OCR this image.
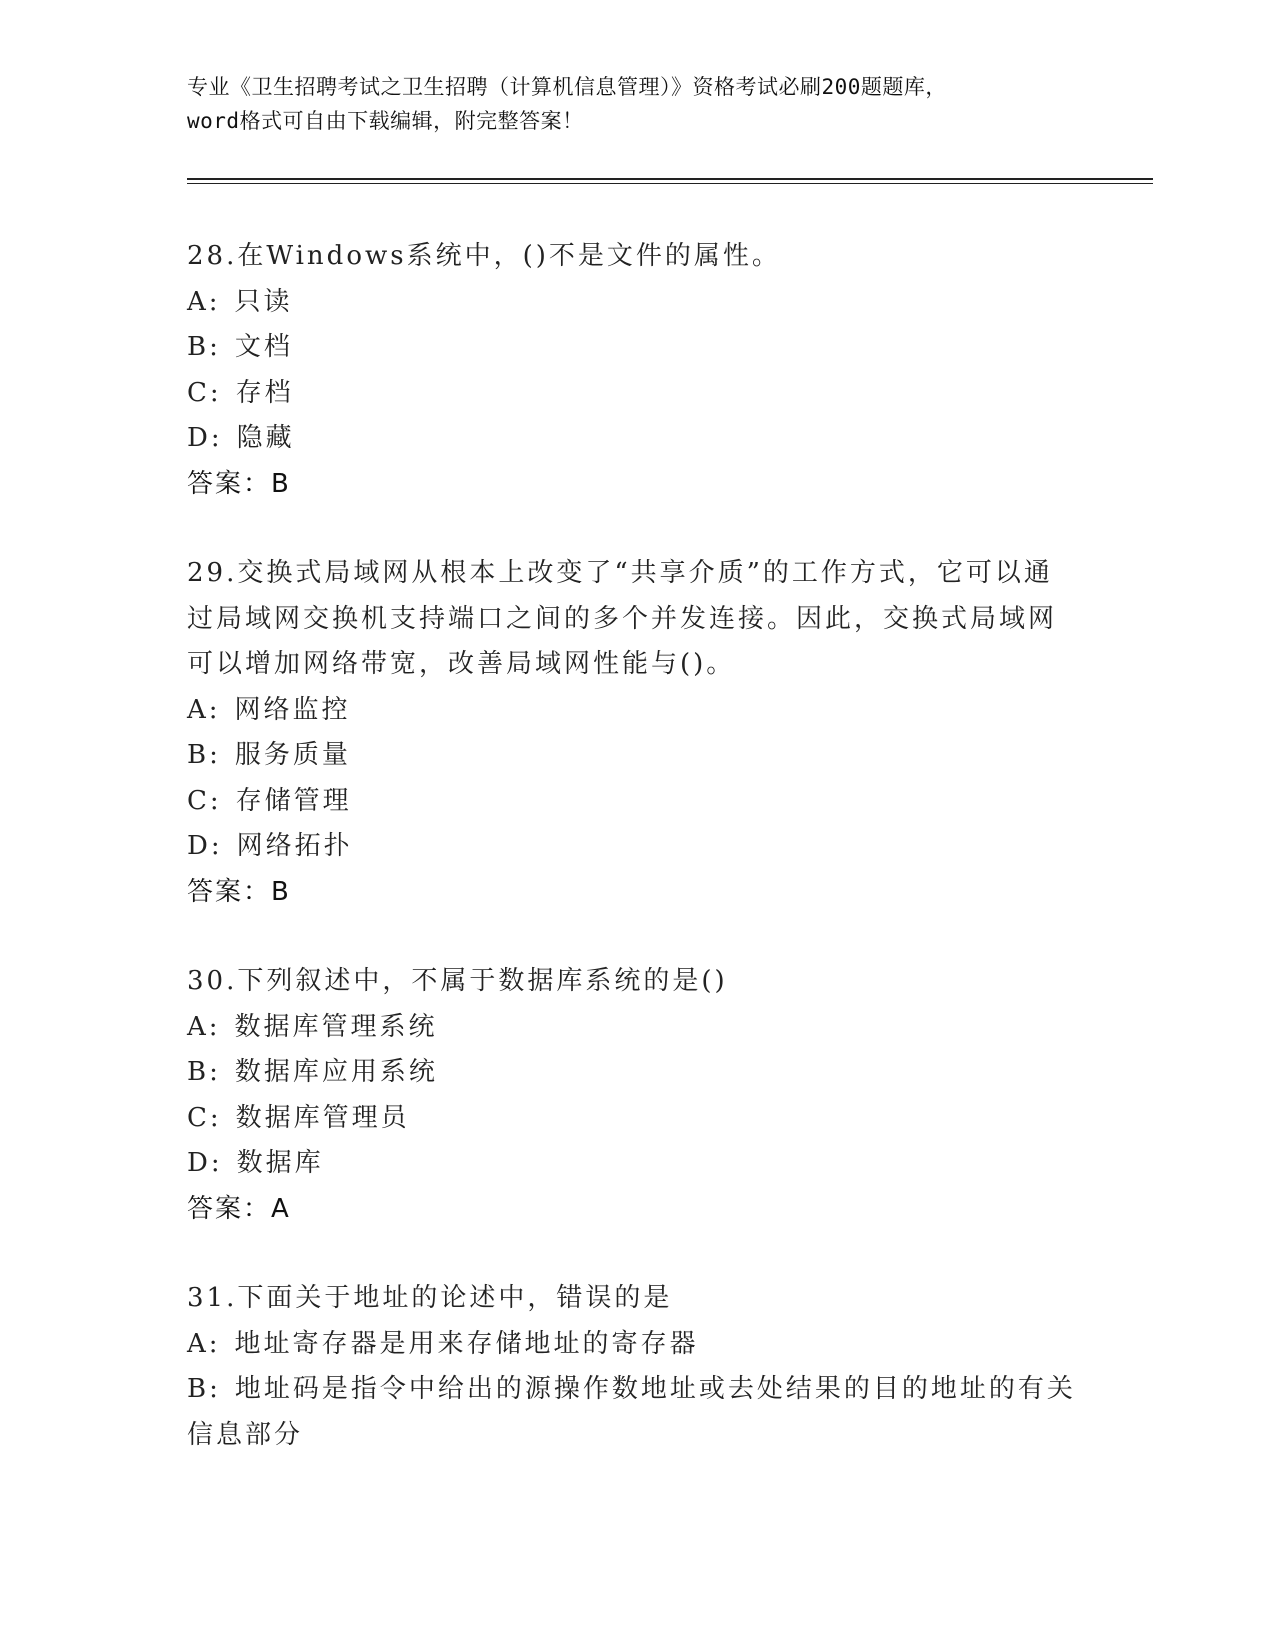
专业《卫生招聘考试之卫生招聘（计算机信息管理）》资格考试必刷200题题库，
word格式可自由下载编辑，附完整答案！
28.在Windows系统中，()不是文件的属性。
A: 只读
B: 文档
C: 存档
D: 隐藏
答案：B
29.交换式局域网从根本上改变了“共享介质”的工作方式，它可以通
过局域网交换机支持端口之间的多个并发连接。因此，交换式局域网
可以增加网络带宽，改善局域网性能与()。
A: 网络监控
B: 服务质量
C: 存储管理
D: 网络拓扑
答案：B
30.下列叙述中，不属于数据库系统的是()
A: 数据库管理系统
B: 数据库应用系统
C: 数据库管理员
D: 数据库
答案：A
31.下面关于地址的论述中，错误的是
A: 地址寄存器是用来存储地址的寄存器
B: 地址码是指令中给出的源操作数地址或去处结果的目的地址的有关
信息部分
